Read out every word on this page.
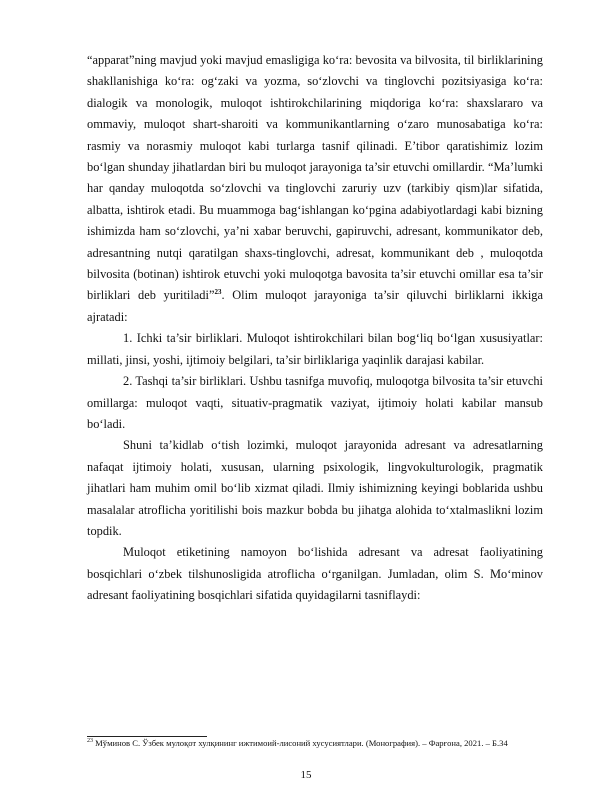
“apparat”ning mavjud yoki mavjud emasligiga ko‘ra: bevosita va bilvosita, til birliklarining shakllanishiga ko‘ra: og‘zaki va yozma, so‘zlovchi va tinglovchi pozitsiyasiga ko‘ra: dialogik va monologik, muloqot ishtirokchilarining miqdoriga ko‘ra: shaxslararo va ommaviy, muloqot shart-sharoiti va kommunikantlarning o‘zaro munosabatiga ko‘ra: rasmiy va norasmiy muloqot kabi turlarga tasnif qilinadi. E’tibor qaratishimiz lozim bo‘lgan shunday jihatlardan biri bu muloqot jarayoniga ta’sir etuvchi omillardir. “Ma’lumki har qanday muloqotda so‘zlovchi va tinglovchi zaruriy uzv (tarkibiy qism)lar sifatida, albatta, ishtirok etadi. Bu muammoga bag‘ishlangan ko‘pgina adabiyotlardagi kabi bizning ishimizda ham so‘zlovchi, ya’ni xabar beruvchi, gapiruvchi, adresant, kommunikator deb, adresantning nutqi qaratilgan shaxs-tinglovchi, adresat, kommunikant deb , muloqotda bilvosita (botinan) ishtirok etuvchi yoki muloqotga bavosita ta’sir etuvchi omillar esa ta’sir birliklari deb yuritiladi”$^{23}$. Olim muloqot jarayoniga ta’sir qiluvchi birliklarni ikkiga ajratadi:

1. Ichki ta’sir birliklari. Muloqot ishtirokchilari bilan bog‘liq bo‘lgan xususiyatlar: millati, jinsi, yoshi, ijtimoiy belgilari, ta’sir birliklariga yaqinlik darajasi kabilar.

2. Tashqi ta’sir birliklari. Ushbu tasnifga muvofiq, muloqotga bilvosita ta’sir etuvchi omillarga: muloqot vaqti, situativ-pragmatik vaziyat, ijtimoiy holati kabilar mansub bo‘ladi.

Shuni ta’kidlab o‘tish lozimki, muloqot jarayonida adresant va adresatlarning nafaqat ijtimoiy holati, xususan, ularning psixologik, lingvokulturologik, pragmatik jihatlari ham muhim omil bo‘lib xizmat qiladi. Ilmiy ishimizning keyingi boblarida ushbu masalalar atroflicha yoritilishi bois mazkur bobda bu jihatga alohida to‘xtalmaslikni lozim topdik.

Muloqot etiketining namoyon bo‘lishida adresant va adresat faoliyatining bosqichlari o‘zbek tilshunosligida atroflicha o‘rganilgan. Jumladan, olim S. Mo‘minov adresant faoliyatining bosqichlari sifatida quyidagilarni tasniflaydi:

$^{23}$ Мўминов С. Ўзбек мулоқот хулқининг ижтимоий-лисоний хусусиятлари. (Монография). – Фарғона, 2021. – Б.34

15
